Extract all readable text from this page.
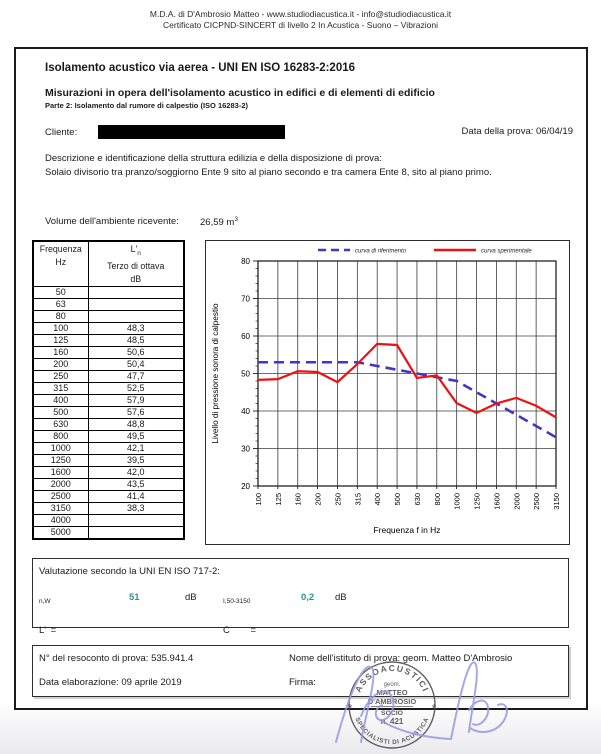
M.D.A. di D'Ambrosio Matteo - www.studiodiacustica.it - info@studiodiacustica.it
Certificato CICPND-SINCERT di livello 2 In Acustica - Suono – Vibrazioni
Isolamento acustico via aerea - UNI EN ISO 16283-2:2016
Misurazioni in opera dell'isolamento acustico in edifici e di elementi di edificio
Parte 2: Isolamento dal rumore di calpestio (ISO 16283-2)
Cliente:	Data della prova: 06/04/19
Descrizione e identificazione della struttura edilizia e della disposizione di prova:
Solaio divisorio tra pranzo/soggiorno Ente 9 sito al piano secondo e tra camera Ente 8, sito al piano primo.
Volume dell'ambiente ricevente: 26,59 $m^3$
Frequenza
Hz

$L'_n$
Terzo di ottava
dB

50	
63	
80	
100	48,3
125	48,5
160	50,6
200	50,4
250	47,7
315	52,5
400	57,9
500	57,6
630	48,8
800	49,5
1000	42,1
1250	39,5
1600	42,0
2000	43,5
2500	41,4
3150	38,3
4000	
5000	
20
30
40
50
60
70
80
100 125 160 200 250 315 400 500 630 800 1000 1250 1600 2000 2500 3150
curva di riferimento	curva sperimentale
Livello di pressione sonora di calpestio
Frequenza f in Hz
Valutazione secondo la UNI EN ISO 717-2:
L'
$_{n,W}$
=
51	dB
C
$_{I,50-3150}$
=
0,2 dB
N° del resoconto di prova: 535.941.4
Data elaborazione: 09 aprile 2019
Nome dell'istituto di prova: geom. Matteo D'Ambrosio
Firma:
ASSOACUSTICI
SPECIALISTI DI ACUSTICA
geom.
MATTEO
D'AMBROSIO
SOCIO
n. 421
*	*
